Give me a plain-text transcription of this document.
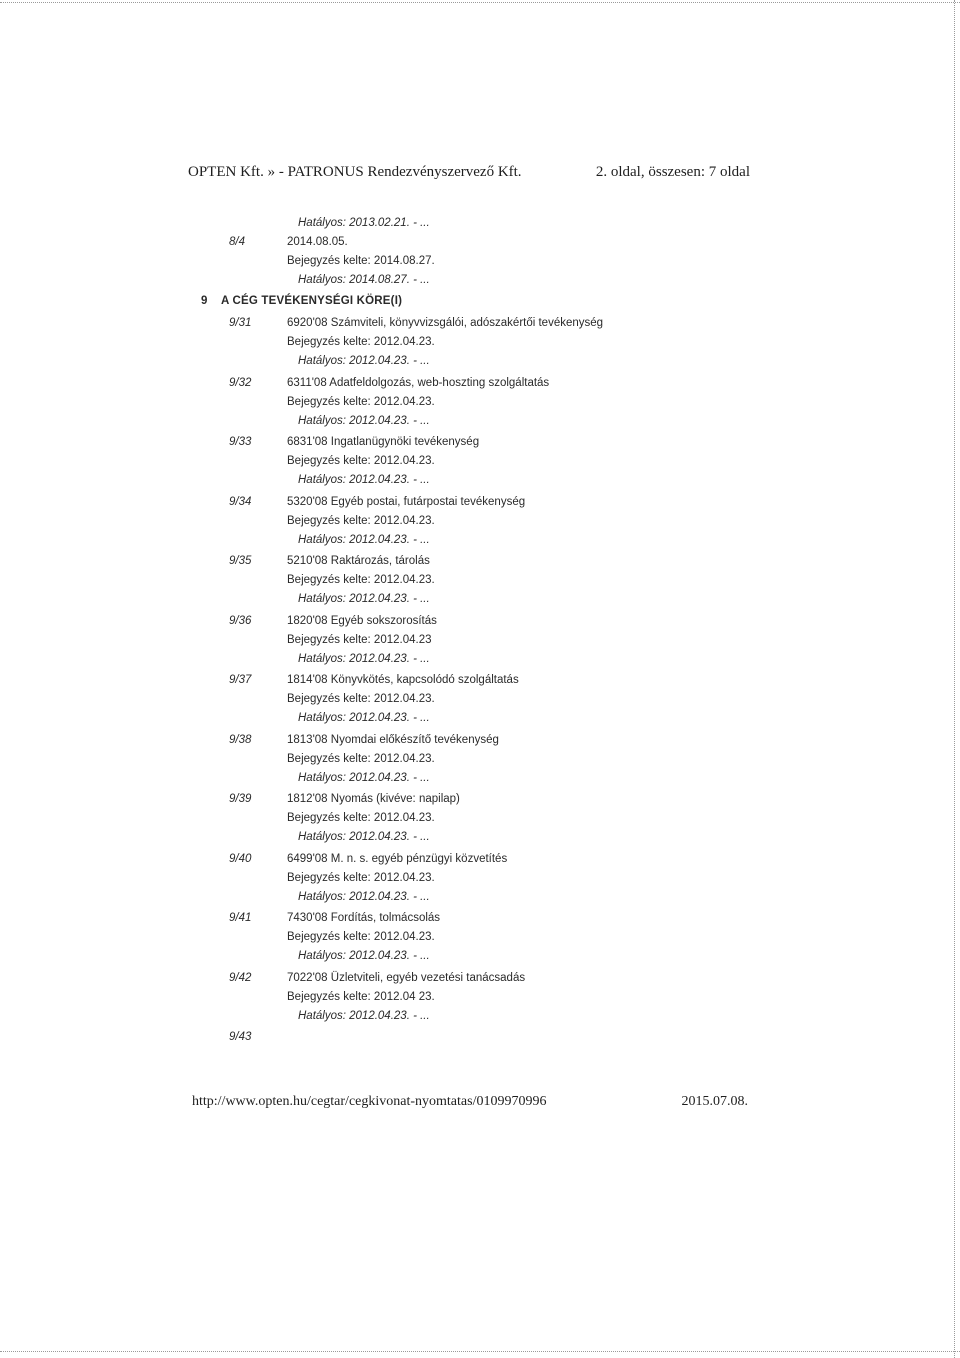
OPTEN Kft. » - PATRONUS Rendezvényszervező Kft.	2. oldal, összesen: 7 oldal
Hatályos: 2013.02.21. - ...
8/4	2014.08.05.
Bejegyzés kelte: 2014.08.27.
Hatályos: 2014.08.27. - ...
9 A CÉG TEVÉKENYSÉGI KÖRE(I)
9/31	6920'08 Számviteli, könyvvizsgálói, adószakértői tevékenység
Bejegyzés kelte: 2012.04.23.
Hatályos: 2012.04.23. - ...
9/32	6311'08 Adatfeldolgozás, web-hoszting szolgáltatás
Bejegyzés kelte: 2012.04.23.
Hatályos: 2012.04.23. - ...
9/33	6831'08 Ingatlanügynöki tevékenység
Bejegyzés kelte: 2012.04.23.
Hatályos: 2012.04.23. - ...
9/34	5320'08 Egyéb postai, futárpostai tevékenység
Bejegyzés kelte: 2012.04.23.
Hatályos: 2012.04.23. - ...
9/35	5210'08 Raktározás, tárolás
Bejegyzés kelte: 2012.04.23.
Hatályos: 2012.04.23. - ...
9/36	1820'08 Egyéb sokszorosítás
Bejegyzés kelte: 2012.04.23
Hatályos: 2012.04.23. - ...
9/37	1814'08 Könyvkötés, kapcsolódó szolgáltatás
Bejegyzés kelte: 2012.04.23.
Hatályos: 2012.04.23. - ...
9/38	1813'08 Nyomdai előkészítő tevékenység
Bejegyzés kelte: 2012.04.23.
Hatályos: 2012.04.23. - ...
9/39	1812'08 Nyomás (kivéve: napilap)
Bejegyzés kelte: 2012.04.23.
Hatályos: 2012.04.23. - ...
9/40	6499'08 M. n. s. egyéb pénzügyi közvetítés
Bejegyzés kelte: 2012.04.23.
Hatályos: 2012.04.23. - ...
9/41	7430'08 Fordítás, tolmácsolás
Bejegyzés kelte: 2012.04.23.
Hatályos: 2012.04.23. - ...
9/42	7022'08 Üzletviteli, egyéb vezetési tanácsadás
Bejegyzés kelte: 2012.04 23.
Hatályos: 2012.04.23. - ...
9/43
http://www.opten.hu/cegtar/cegkivonat-nyomtatas/0109970996	2015.07.08.
